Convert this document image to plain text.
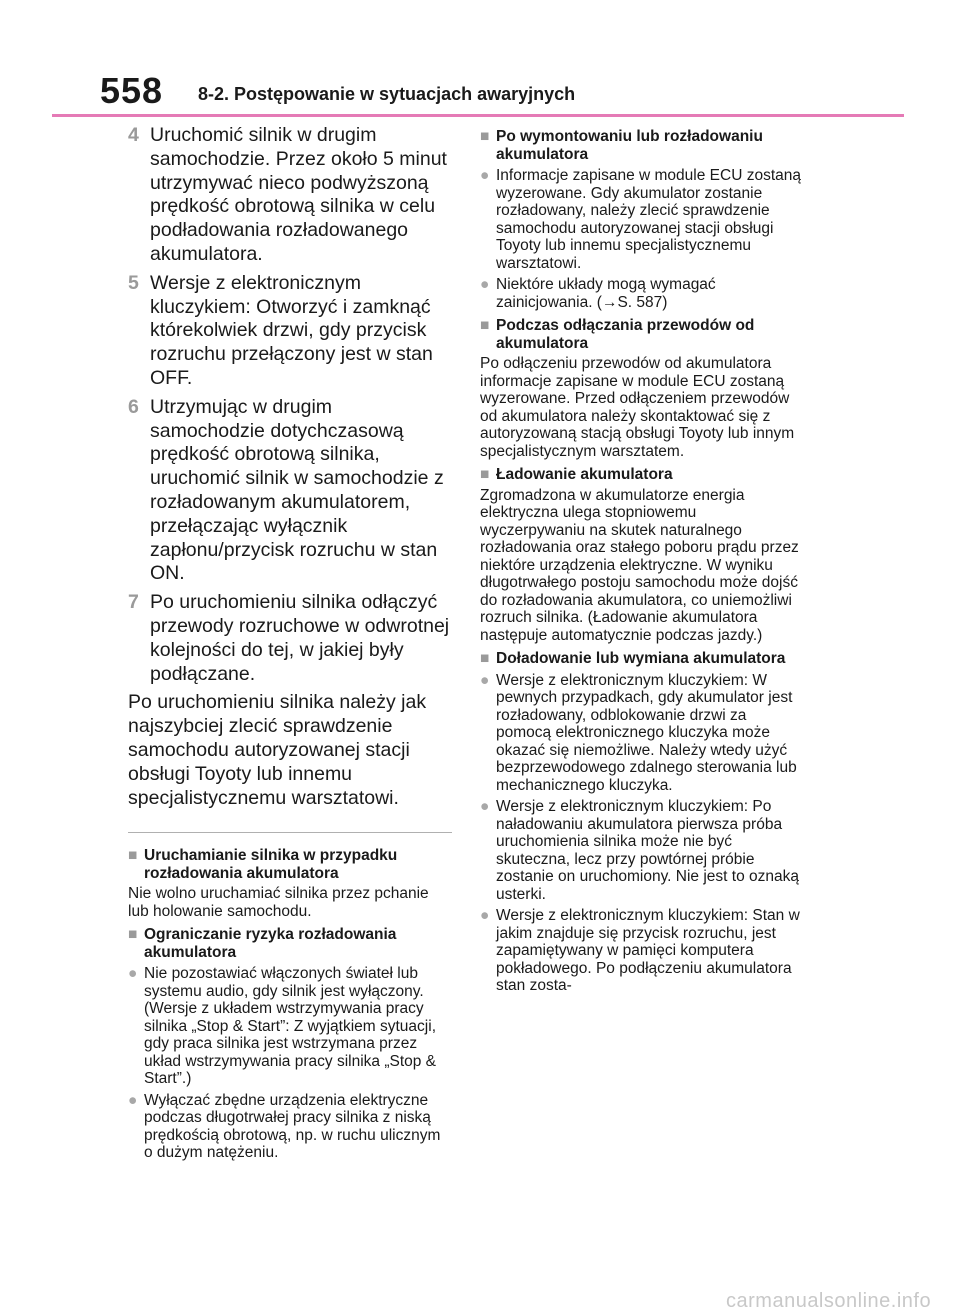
558 8-2. Postępowanie w sytuacjach awaryjnych
4 Uruchomić silnik w drugim samochodzie. Przez około 5 minut utrzymywać nieco podwyższoną prędkość obrotową silnika w celu podładowania rozładowanego akumulatora.
5 Wersje z elektronicznym kluczykiem: Otworzyć i zamknąć którekolwiek drzwi, gdy przycisk rozruchu przełączony jest w stan OFF.
6 Utrzymując w drugim samochodzie dotychczasową prędkość obrotową silnika, uruchomić silnik w samochodzie z rozładowanym akumulatorem, przełączając wyłącznik zapłonu/przycisk rozruchu w stan ON.
7 Po uruchomieniu silnika odłączyć przewody rozruchowe w odwrotnej kolejności do tej, w jakiej były podłączane.
Po uruchomieniu silnika należy jak najszybciej zlecić sprawdzenie samochodu autoryzowanej stacji obsługi Toyoty lub innemu specjalistycznemu warsztatowi.
■ Uruchamianie silnika w przypadku rozładowania akumulatora
Nie wolno uruchamiać silnika przez pchanie lub holowanie samochodu.
■ Ograniczanie ryzyka rozładowania akumulatora
● Nie pozostawiać włączonych świateł lub systemu audio, gdy silnik jest wyłączony. (Wersje z układem wstrzymywania pracy silnika „Stop & Start”: Z wyjątkiem sytuacji, gdy praca silnika jest wstrzymana przez układ wstrzymywania pracy silnika „Stop & Start”.)
● Wyłączać zbędne urządzenia elektryczne podczas długotrwałej pracy silnika z niską prędkością obrotową, np. w ruchu ulicznym o dużym natężeniu.
■ Po wymontowaniu lub rozładowaniu akumulatora
● Informacje zapisane w module ECU zostaną wyzerowane. Gdy akumulator zostanie rozładowany, należy zlecić sprawdzenie samochodu autoryzowanej stacji obsługi Toyoty lub innemu specjalistycznemu warsztatowi.
● Niektóre układy mogą wymagać zainicjowania. (→S. 587)
■ Podczas odłączania przewodów od akumulatora
Po odłączeniu przewodów od akumulatora informacje zapisane w module ECU zostaną wyzerowane. Przed odłączeniem przewodów od akumulatora należy skontaktować się z autoryzowaną stacją obsługi Toyoty lub innym specjalistycznym warsztatem.
■ Ładowanie akumulatora
Zgromadzona w akumulatorze energia elektryczna ulega stopniowemu wyczerpywaniu na skutek naturalnego rozładowania oraz stałego poboru prądu przez niektóre urządzenia elektryczne. W wyniku długotrwałego postoju samochodu może dojść do rozładowania akumulatora, co uniemożliwi rozruch silnika. (Ładowanie akumulatora następuje automatycznie podczas jazdy.)
■ Doładowanie lub wymiana akumulatora
● Wersje z elektronicznym kluczykiem: W pewnych przypadkach, gdy akumulator jest rozładowany, odblokowanie drzwi za pomocą elektronicznego kluczyka może okazać się niemożliwe. Należy wtedy użyć bezprzewodowego zdalnego sterowania lub mechanicznego kluczyka.
● Wersje z elektronicznym kluczykiem: Po naładowaniu akumulatora pierwsza próba uruchomienia silnika może nie być skuteczna, lecz przy powtórnej próbie zostanie on uruchomiony. Nie jest to oznaką usterki.
● Wersje z elektronicznym kluczykiem: Stan w jakim znajduje się przycisk rozruchu, jest zapamiętywany w pamięci komputera pokładowego. Po podłączeniu akumulatora stan zosta-
carmanualsonline.info
